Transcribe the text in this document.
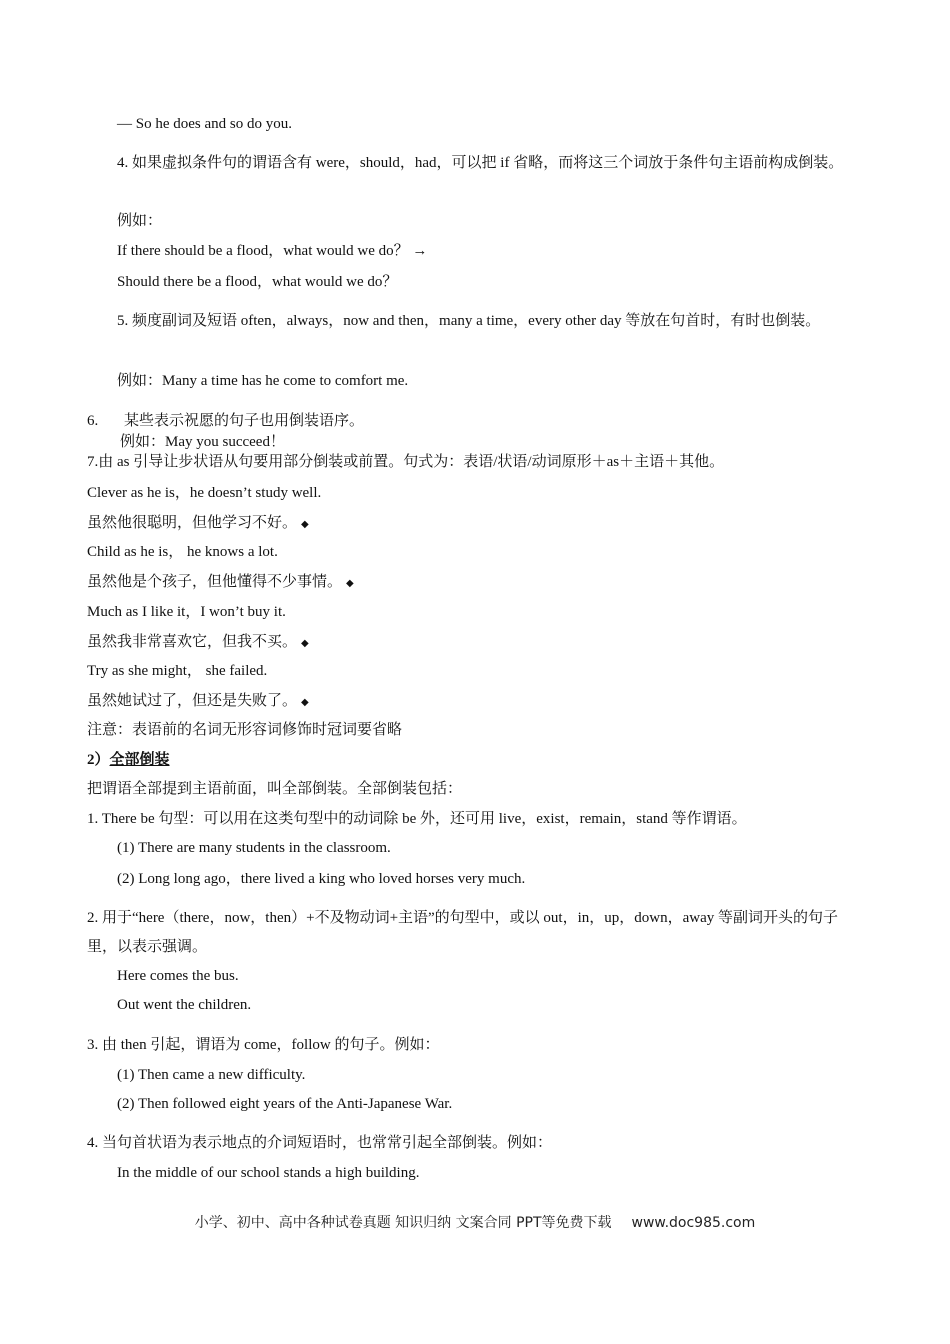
— So he does and so do you.
4. 如果虚拟条件句的谓语含有 were，should，had，可以把 if 省略，而将这三个词放于条件句主语前构成倒装。
例如：
If there should be a flood，what would we do？ →
Should there be a flood，what would we do？
5. 频度副词及短语 often，always，now and then，many a time，every other day 等放在句首时，有时也倒装。
例如：Many a time has he come to comfort me.
6. 某些表示祝愿的句子也用倒装语序。
例如：May you succeed！
7.由 as 引导让步状语从句要用部分倒装或前置。句式为：表语/状语/动词原形＋as＋主语＋其他。
Clever as he is，he doesn’t study well.
虽然他很聪明，但他学习不好。 ◆
Child as he is， he knows a lot.
虽然他是个孩子，但他懂得不少事情。 ◆
Much as I like it，I won’t buy it.
虽然我非常喜欢它，但我不买。 ◆
Try as she might， she failed.
虽然她试过了，但还是失败了。 ◆
注意：表语前的名词无形容词修饰时冠词要省略
2）全部倒装
把谓语全部提到主语前面，叫全部倒装。全部倒装包括：
1. There be 句型：可以用在这类句型中的动词除 be 外，还可用 live，exist，remain，stand 等作谓语。
(1) There are many students in the classroom.
(2) Long long ago，there lived a king who loved horses very much.
2. 用于“here（there，now，then）+不及物动词+主语”的句型中，或以 out，in，up，down，away 等副词开头的句子里，以表示强调。
Here comes the bus.
Out went the children.
3. 由 then 引起，谓语为 come，follow 的句子。例如：
(1) Then came a new difficulty.
(2) Then followed eight years of the Anti-Japanese War.
4. 当句首状语为表示地点的介词短语时，也常常引起全部倒装。例如：
In the middle of our school stands a high building.
小学、初中、高中各种试卷真题 知识归纳 文案合同 PPT等免费下载 www.doc985.com
